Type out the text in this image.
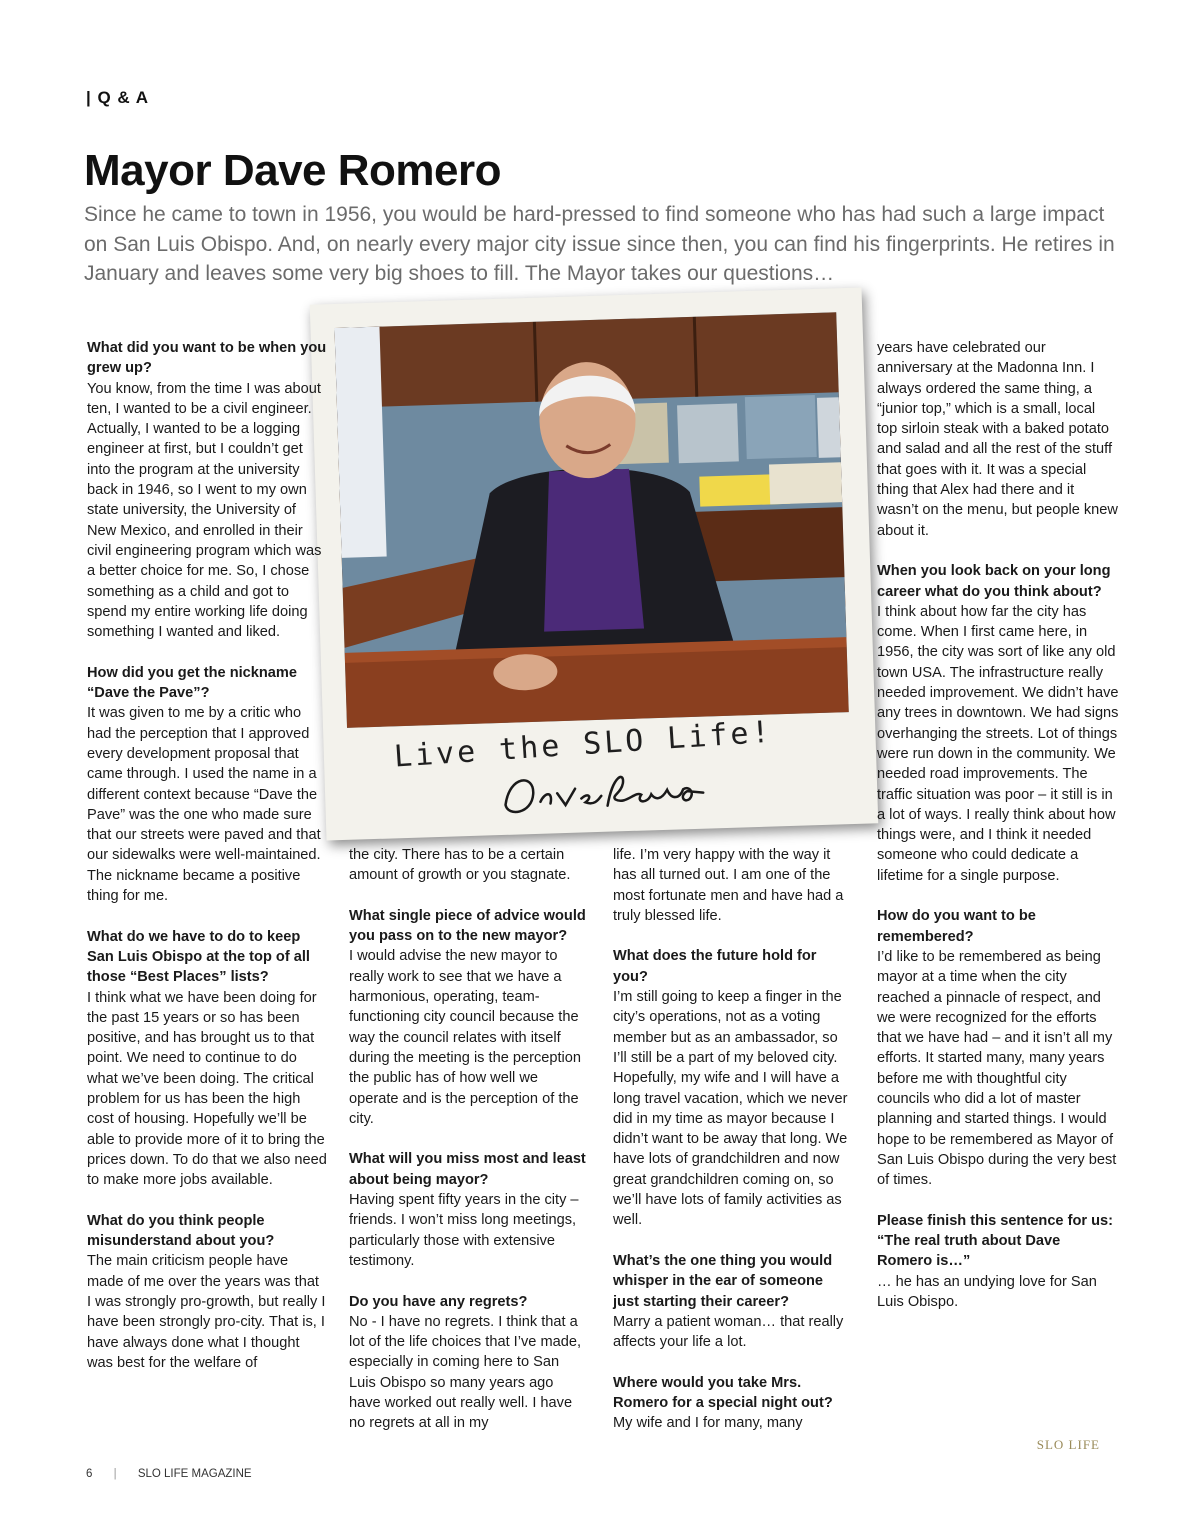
| Q & A
Mayor Dave Romero

Since he came to town in 1956, you would be hard-pressed to find someone who has had such a large impact on San Luis Obispo. And, on nearly every major city issue since then, you can find his fingerprints. He retires in January and leaves some very big shoes to fill. The Mayor takes our questions…

Live the SLO Life!

What did you want to be when you grew up?

You know, from the time I was about ten, I wanted to be a civil engineer. Actually, I wanted to be a logging engineer at first, but I couldn’t get into the program at the university back in 1946, so I went to my own state university, the University of New Mexico, and enrolled in their civil engineering program which was a better choice for me. So, I chose something as a child and got to spend my entire working life doing something I wanted and liked.

How did you get the nickname “Dave the Pave”?

It was given to me by a critic who had the perception that I approved every development proposal that came through. I used the name in a different context because “Dave the Pave” was the one who made sure that our streets were paved and that our sidewalks were well-maintained. The nickname became a positive thing for me.

What do we have to do to keep San Luis Obispo at the top of all those “Best Places” lists?

I think what we have been doing for the past 15 years or so has been positive, and has brought us to that point. We need to continue to do what we’ve been doing. The critical problem for us has been the high cost of housing. Hopefully we’ll be able to provide more of it to bring the prices down. To do that we also need to make more jobs available.

What do you think people misunderstand about you?

The main criticism people have made of me over the years was that I was strongly pro-growth, but really I have been strongly pro-city. That is, I have always done what I thought was best for the welfare of

the city. There has to be a certain amount of growth or you stagnate.

What single piece of advice would you pass on to the new mayor?

I would advise the new mayor to really work to see that we have a harmonious, operating, team-functioning city council because the way the council relates with itself during the meeting is the perception the public has of how well we operate and is the perception of the city.

What will you miss most and least about being mayor?

Having spent fifty years in the city – friends. I won’t miss long meetings, particularly those with extensive testimony.

Do you have any regrets?

No - I have no regrets. I think that a lot of the life choices that I’ve made, especially in coming here to San Luis Obispo so many years ago have worked out really well. I have no regrets at all in my

life. I’m very happy with the way it has all turned out. I am one of the most fortunate men and have had a truly blessed life.

What does the future hold for you?

I’m still going to keep a finger in the city’s operations, not as a voting member but as an ambassador, so I’ll still be a part of my beloved city. Hopefully, my wife and I will have a long travel vacation, which we never did in my time as mayor because I didn’t want to be away that long. We have lots of grandchildren and now great grandchildren coming on, so we’ll have lots of family activities as well.

What’s the one thing you would whisper in the ear of someone just starting their career?

Marry a patient woman… that really affects your life a lot.

Where would you take Mrs. Romero for a special night out?

My wife and I for many, many

years have celebrated our anniversary at the Madonna Inn. I always ordered the same thing, a “junior top,” which is a small, local top sirloin steak with a baked potato and salad and all the rest of the stuff that goes with it. It was a special thing that Alex had there and it wasn’t on the menu, but people knew about it.

When you look back on your long career what do you think about?

I think about how far the city has come. When I first came here, in 1956, the city was sort of like any old town USA. The infrastructure really needed improvement. We didn’t have any trees in downtown. We had signs overhanging the streets. Lot of things were run down in the community. We needed road improvements. The traffic situation was poor – it still is in a lot of ways. I really think about how things were, and I think it needed someone who could dedicate a lifetime for a single purpose.

How do you want to be remembered?

I’d like to be remembered as being mayor at a time when the city reached a pinnacle of respect, and we were recognized for the efforts that we have had – and it isn’t all my efforts. It started many, many years before me with thoughtful city councils who did a lot of master planning and started things. I would hope to be remembered as Mayor of San Luis Obispo during the very best of times.

Please finish this sentence for us: “The real truth about Dave Romero is…”

… he has an undying love for San Luis Obispo.

SLO LIFE
6 | SLO LIFE MAGAZINE
